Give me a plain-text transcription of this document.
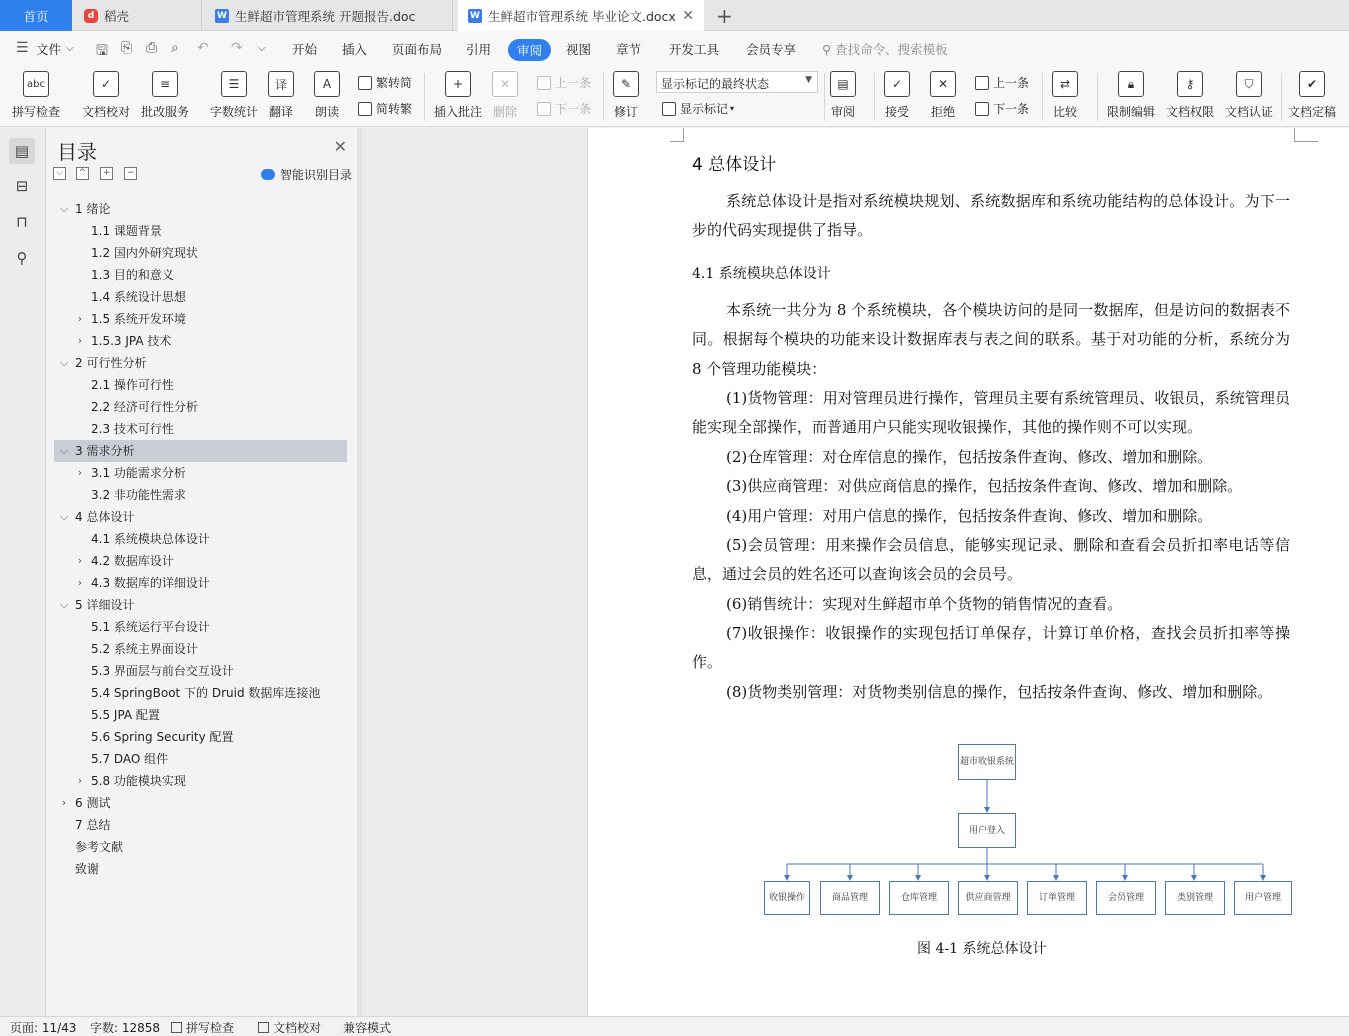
首页	d 稻壳	W 生鲜超市管理系统 开题报告.doc	W 生鲜超市管理系统 毕业论文.docx ✕ +
☰ 文件 ⌵ 🖫 ⎘ ⎙ ⌕ ↶ ↷ ⌵ 开始 插入 页面布局 引用	审阅	视图 章节 开发工具 会员专享 ⚲ 查找命令、搜索模板
abc
拼写检查
✓
文档校对
≡
批改服务
☰
字数统计
译
翻译
A
朗读
繁转简
简转繁
+
插入批注
✕
删除
上一条
下一条
✎
修订
显示标记的最终状态	▼
显示标记 ▾
▤
审阅
✓
接受
✕
拒绝
上一条
下一条
⇄
比较
🔒︎
限制编辑
⚷
文档权限
⛉
文档认证
✔
文档定稿
▤
⊟
⊓
⚲
目录	✕
⌵	^	+	−	智能识别目录
⌵ 1 绪论
1.1 课题背景
1.2 国内外研究现状
1.3 目的和意义
1.4 系统设计思想
› 1.5 系统开发环境
› 1.5.3 JPA 技术
⌵ 2 可行性分析
2.1 操作可行性
2.2 经济可行性分析
2.3 技术可行性
⌵ 3 需求分析
› 3.1 功能需求分析
3.2 非功能性需求
⌵ 4 总体设计
4.1 系统模块总体设计
› 4.2 数据库设计
› 4.3 数据库的详细设计
⌵ 5 详细设计
5.1 系统运行平台设计
5.2 系统主界面设计
5.3 界面层与前台交互设计
5.4 SpringBoot 下的 Druid 数据库连接池
5.5 JPA 配置
5.6 Spring Security 配置
5.7 DAO 组件
› 5.8 功能模块实现
› 6 测试
7 总结
参考文献
致谢
4 总体设计
系统总体设计是指对系统模块规划、系统数据库和系统功能结构的总体设计。为下一步的代码实现提供了指导。
4.1 系统模块总体设计
本系统一共分为 8 个系统模块，各个模块访问的是同一数据库，但是访问的数据表不同。根据每个模块的功能来设计数据库表与表之间的联系。基于对功能的分析，系统分为 8 个管理功能模块：
(1)货物管理：用对管理员进行操作，管理员主要有系统管理员、收银员，系统管理员能实现全部操作，而普通用户只能实现收银操作，其他的操作则不可以实现。
(2)仓库管理：对仓库信息的操作，包括按条件查询、修改、增加和删除。
(3)供应商管理：对供应商信息的操作，包括按条件查询、修改、增加和删除。
(4)用户管理：对用户信息的操作，包括按条件查询、修改、增加和删除。
(5)会员管理：用来操作会员信息，能够实现记录、删除和查看会员折扣率电话等信息，通过会员的姓名还可以查询该会员的会员号。
(6)销售统计：实现对生鲜超市单个货物的销售情况的查看。
(7)收银操作：收银操作的实现包括订单保存，计算订单价格，查找会员折扣率等操作。
(8)货物类别管理：对货物类别信息的操作，包括按条件查询、修改、增加和删除。
超市收银系统
用户登入
收银操作	商品管理	仓库管理	供应商管理	订单管理	会员管理	类别管理	用户管理
图 4-1 系统总体设计
页面: 11/43 字数: 12858 拼写检查	文档校对 兼容模式
